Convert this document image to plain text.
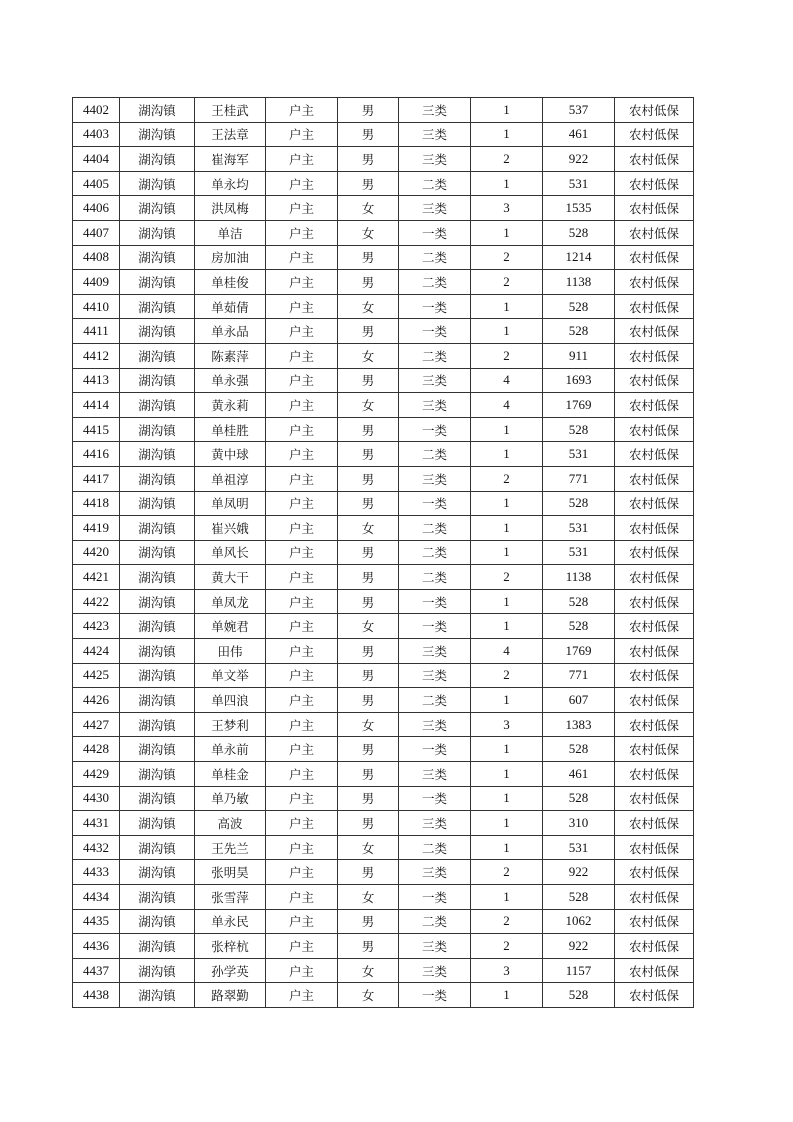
4402	湖沟镇	王桂武	户主	男	三类	1	537	农村低保
4403	湖沟镇	王法章	户主	男	三类	1	461	农村低保
4404	湖沟镇	崔海军	户主	男	三类	2	922	农村低保
4405	湖沟镇	单永均	户主	男	二类	1	531	农村低保
4406	湖沟镇	洪凤梅	户主	女	三类	3	1535	农村低保
4407	湖沟镇	单洁	户主	女	一类	1	528	农村低保
4408	湖沟镇	房加油	户主	男	二类	2	1214	农村低保
4409	湖沟镇	单桂俊	户主	男	二类	2	1138	农村低保
4410	湖沟镇	单茹倩	户主	女	一类	1	528	农村低保
4411	湖沟镇	单永品	户主	男	一类	1	528	农村低保
4412	湖沟镇	陈素萍	户主	女	二类	2	911	农村低保
4413	湖沟镇	单永强	户主	男	三类	4	1693	农村低保
4414	湖沟镇	黄永莉	户主	女	三类	4	1769	农村低保
4415	湖沟镇	单桂胜	户主	男	一类	1	528	农村低保
4416	湖沟镇	黄中球	户主	男	二类	1	531	农村低保
4417	湖沟镇	单祖淳	户主	男	三类	2	771	农村低保
4418	湖沟镇	单凤明	户主	男	一类	1	528	农村低保
4419	湖沟镇	崔兴娥	户主	女	二类	1	531	农村低保
4420	湖沟镇	单风长	户主	男	二类	1	531	农村低保
4421	湖沟镇	黄大干	户主	男	二类	2	1138	农村低保
4422	湖沟镇	单凤龙	户主	男	一类	1	528	农村低保
4423	湖沟镇	单婉君	户主	女	一类	1	528	农村低保
4424	湖沟镇	田伟	户主	男	三类	4	1769	农村低保
4425	湖沟镇	单文举	户主	男	三类	2	771	农村低保
4426	湖沟镇	单四浪	户主	男	二类	1	607	农村低保
4427	湖沟镇	王梦利	户主	女	三类	3	1383	农村低保
4428	湖沟镇	单永前	户主	男	一类	1	528	农村低保
4429	湖沟镇	单桂金	户主	男	三类	1	461	农村低保
4430	湖沟镇	单乃敏	户主	男	一类	1	528	农村低保
4431	湖沟镇	高波	户主	男	三类	1	310	农村低保
4432	湖沟镇	王先兰	户主	女	二类	1	531	农村低保
4433	湖沟镇	张明昊	户主	男	三类	2	922	农村低保
4434	湖沟镇	张雪萍	户主	女	一类	1	528	农村低保
4435	湖沟镇	单永民	户主	男	二类	2	1062	农村低保
4436	湖沟镇	张梓杭	户主	男	三类	2	922	农村低保
4437	湖沟镇	孙学英	户主	女	三类	3	1157	农村低保
4438	湖沟镇	路翠勤	户主	女	一类	1	528	农村低保
